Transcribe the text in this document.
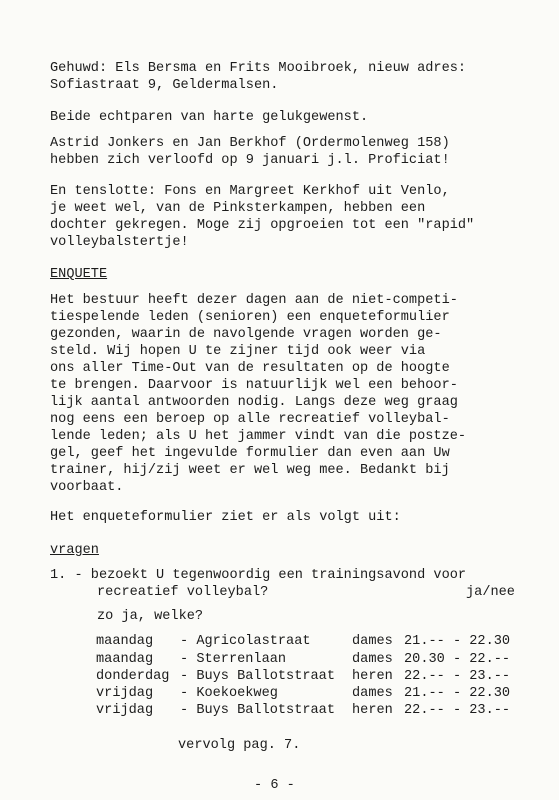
Gehuwd: Els Bersma en Frits Mooibroek, nieuw adres:
Sofiastraat 9, Geldermalsen.
Beide echtparen van harte gelukgewenst.
Astrid Jonkers en Jan Berkhof (Ordermolenweg 158)
hebben zich verloofd op 9 januari j.l. Proficiat!
En tenslotte: Fons en Margreet Kerkhof uit Venlo,
je weet wel, van de Pinksterkampen, hebben een
dochter gekregen. Moge zij opgroeien tot een "rapid"
volleybalstertje!
ENQUETE
Het bestuur heeft dezer dagen aan de niet-competi-
tiespelende leden (senioren) een enqueteformulier
gezonden, waarin de navolgende vragen worden ge-
steld. Wij hopen U te zijner tijd ook weer via
ons aller Time-Out van de resultaten op de hoogte
te brengen. Daarvoor is natuurlijk wel een behoor-
lijk aantal antwoorden nodig. Langs deze weg graag
nog eens een beroep op alle recreatief volleybal-
lende leden; als U het jammer vindt van die postze-
gel, geef het ingevulde formulier dan even aan Uw
trainer, hij/zij weet er wel weg mee. Bedankt bij
voorbaat.
Het enqueteformulier ziet er als volgt uit:
vragen
1. - bezoekt U tegenwoordig een trainingsavond voor
recreatief volleybal?	ja/nee
zo ja, welke?
maandag - Agricolastraat	dames 21.-- - 22.30
maandag - Sterrenlaan	dames 20.30 - 22.--
donderdag - Buys Ballotstraat heren 22.-- - 23.--
vrijdag - Koekoekweg	dames 21.-- - 22.30
vrijdag - Buys Ballotstraat heren 22.-- - 23.--
vervolg pag. 7.
- 6 -
